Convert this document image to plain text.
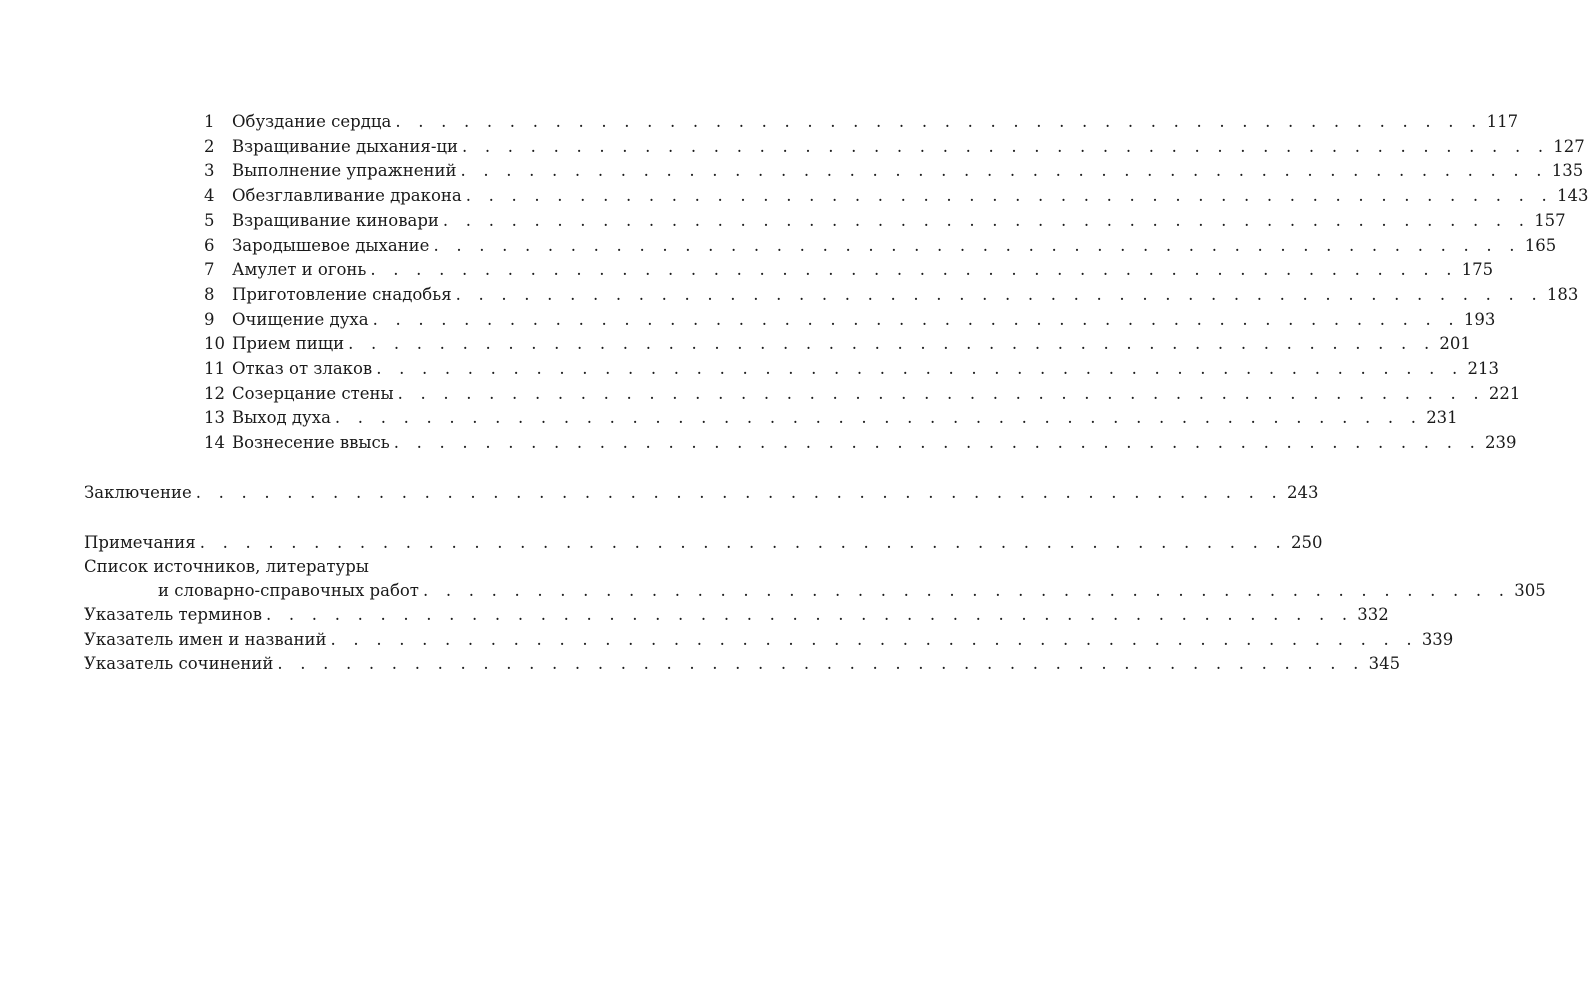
1	Обуздание сердца . . . . . . . . . . . . . . . . . . . . . . . . . . . . . . . . . . . . . . . . . . . . . . . . 117
2	Взращивание дыхания-ци . . . . . . . . . . . . . . . . . . . . . . . . . . . . . . . . . . . . . . . . . . . . . . . . 127
3	Выполнение упражнений . . . . . . . . . . . . . . . . . . . . . . . . . . . . . . . . . . . . . . . . . . . . . . . . 135
4	Обезглавливание дракона . . . . . . . . . . . . . . . . . . . . . . . . . . . . . . . . . . . . . . . . . . . . . . . . 143
5	Взращивание киновари . . . . . . . . . . . . . . . . . . . . . . . . . . . . . . . . . . . . . . . . . . . . . . . . 157
6	Зародышевое дыхание . . . . . . . . . . . . . . . . . . . . . . . . . . . . . . . . . . . . . . . . . . . . . . . . 165
7	Амулет и огонь . . . . . . . . . . . . . . . . . . . . . . . . . . . . . . . . . . . . . . . . . . . . . . . . 175
8	Приготовление снадобья . . . . . . . . . . . . . . . . . . . . . . . . . . . . . . . . . . . . . . . . . . . . . . . . 183
9	Очищение духа . . . . . . . . . . . . . . . . . . . . . . . . . . . . . . . . . . . . . . . . . . . . . . . . 193
10 Прием пищи . . . . . . . . . . . . . . . . . . . . . . . . . . . . . . . . . . . . . . . . . . . . . . . . 201
11 Отказ от злаков . . . . . . . . . . . . . . . . . . . . . . . . . . . . . . . . . . . . . . . . . . . . . . . . 213
12 Созерцание стены . . . . . . . . . . . . . . . . . . . . . . . . . . . . . . . . . . . . . . . . . . . . . . . . 221
13 Выход духа . . . . . . . . . . . . . . . . . . . . . . . . . . . . . . . . . . . . . . . . . . . . . . . . 231
14 Вознесение ввысь . . . . . . . . . . . . . . . . . . . . . . . . . . . . . . . . . . . . . . . . . . . . . . . . 239
Заключение . . . . . . . . . . . . . . . . . . . . . . . . . . . . . . . . . . . . . . . . . . . . . . . . 243
Примечания . . . . . . . . . . . . . . . . . . . . . . . . . . . . . . . . . . . . . . . . . . . . . . . . 250
Список источников, литературы
и словарно-справочных работ . . . . . . . . . . . . . . . . . . . . . . . . . . . . . . . . . . . . . . . . . . . . . . . . 305
Указатель терминов . . . . . . . . . . . . . . . . . . . . . . . . . . . . . . . . . . . . . . . . . . . . . . . . 332
Указатель имен и названий . . . . . . . . . . . . . . . . . . . . . . . . . . . . . . . . . . . . . . . . . . . . . . . . 339
Указатель сочинений . . . . . . . . . . . . . . . . . . . . . . . . . . . . . . . . . . . . . . . . . . . . . . . . 345
